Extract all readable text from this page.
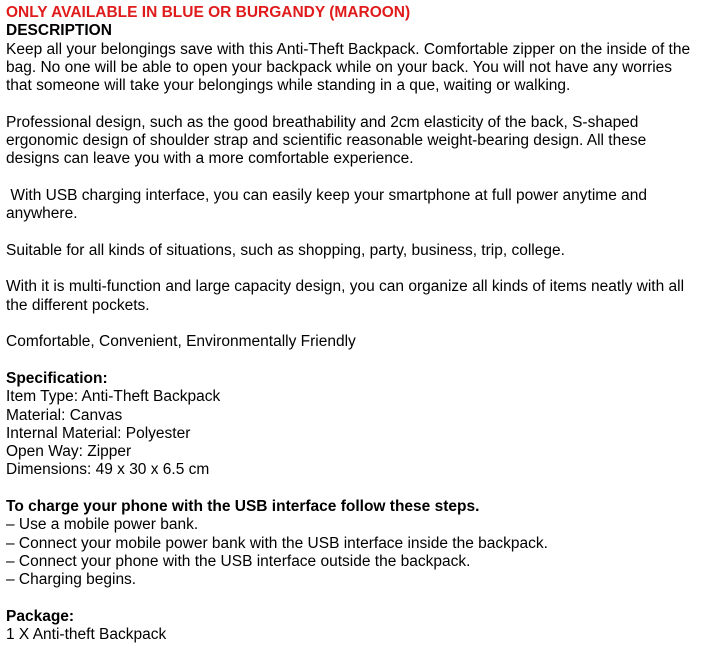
ONLY AVAILABLE IN BLUE OR BURGANDY (MAROON)

DESCRIPTION

Keep all your belongings save with this Anti-Theft Backpack. Comfortable zipper on the inside of the bag. No one will be able to open your backpack while on your back. You will not have any worries that someone will take your belongings while standing in a que, waiting or walking.

Professional design, such as the good breathability and 2cm elasticity of the back, S-shaped ergonomic design of shoulder strap and scientific reasonable weight-bearing design. All these designs can leave you with a more comfortable experience.

With USB charging interface, you can easily keep your smartphone at full power anytime and anywhere.

Suitable for all kinds of situations, such as shopping, party, business, trip, college.

With it is multi-function and large capacity design, you can organize all kinds of items neatly with all the different pockets.

Comfortable, Convenient, Environmentally Friendly

Specification:

Item Type: Anti-Theft Backpack
Material: Canvas
Internal Material: Polyester
Open Way: Zipper
Dimensions: 49 x 30 x 6.5 cm

To charge your phone with the USB interface follow these steps.

– Use a mobile power bank.
– Connect your mobile power bank with the USB interface inside the backpack.
– Connect your phone with the USB interface outside the backpack.
– Charging begins.

Package:

1 X Anti-theft Backpack
